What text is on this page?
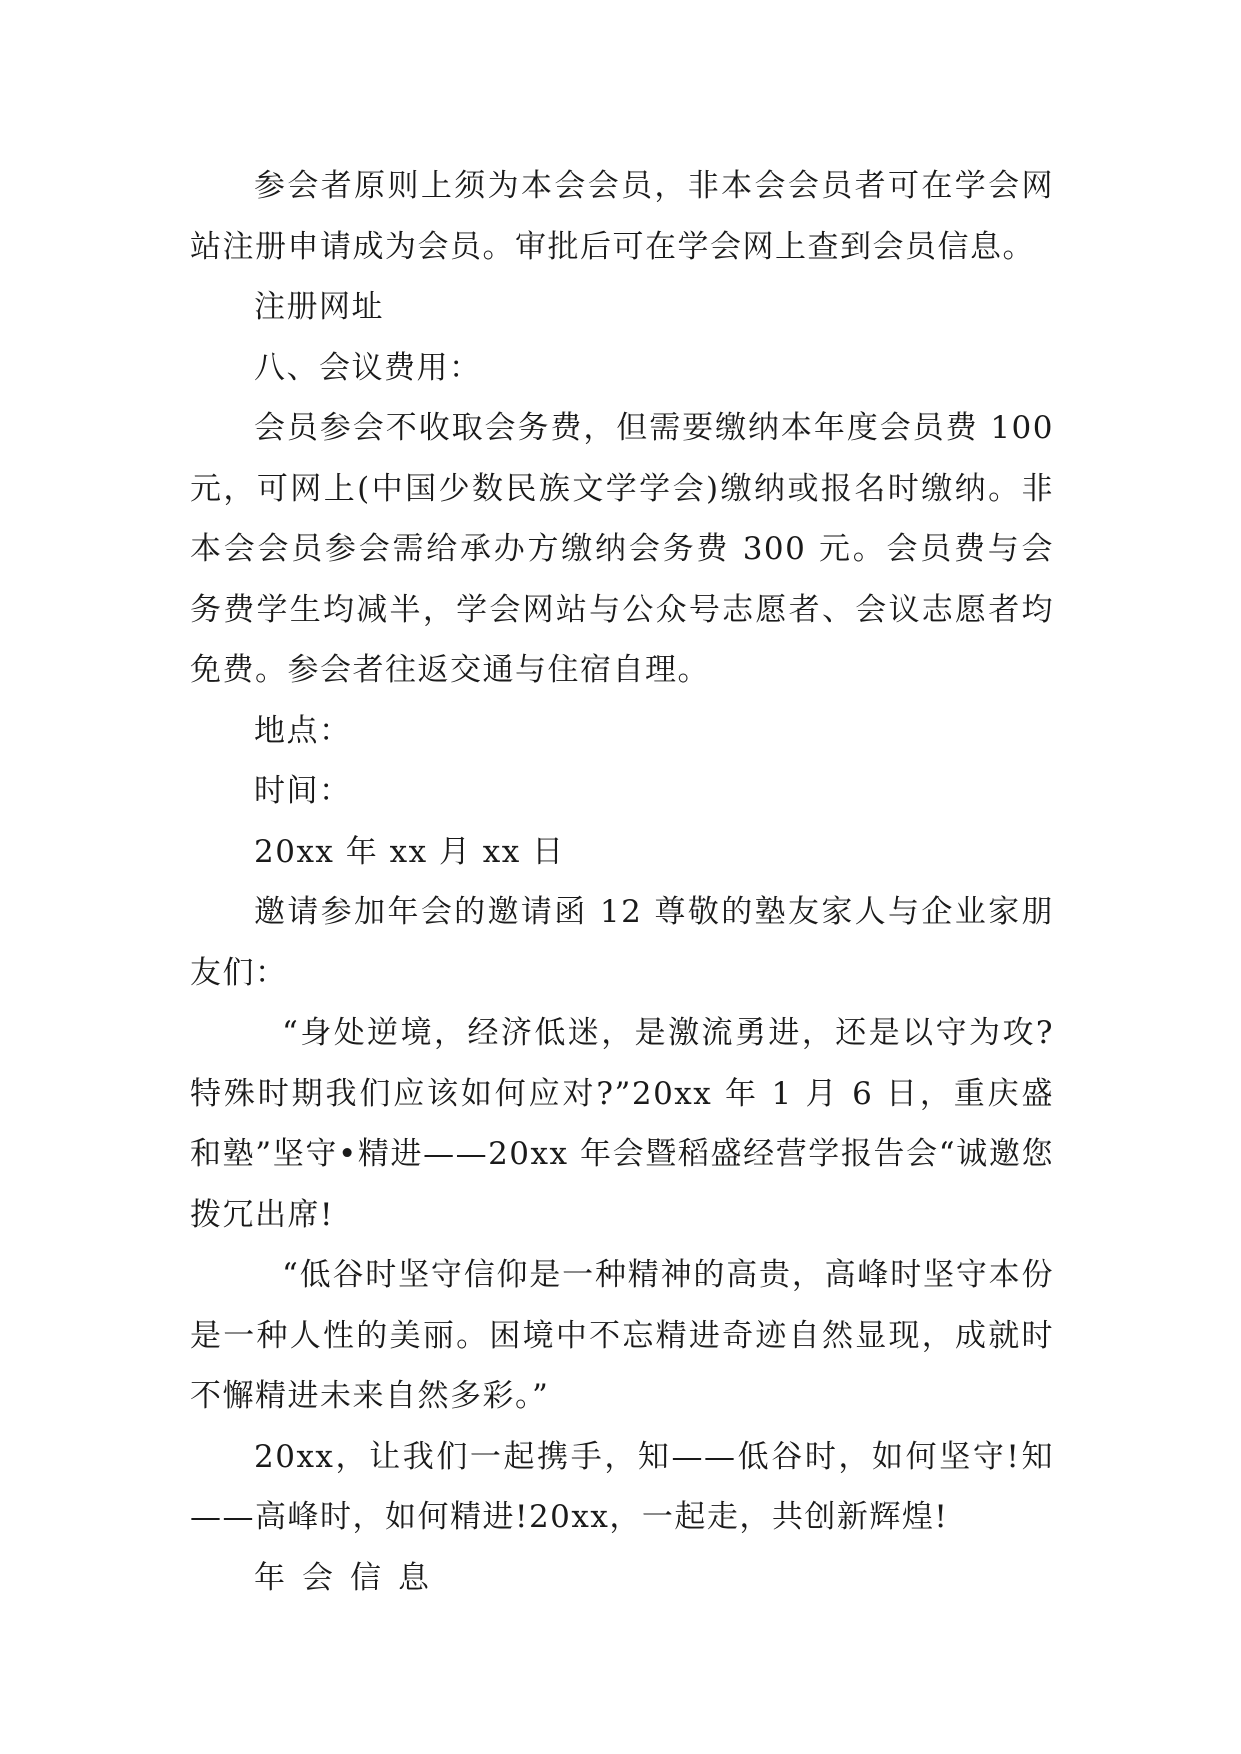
参会者原则上须为本会会员，非本会会员者可在学会网站注册申请成为会员。审批后可在学会网上查到会员信息。

注册网址

八、会议费用：

会员参会不收取会务费，但需要缴纳本年度会员费 100 元，可网上(中国少数民族文学学会)缴纳或报名时缴纳。非本会会员参会需给承办方缴纳会务费 300 元。会员费与会务费学生均减半，学会网站与公众号志愿者、会议志愿者均免费。参会者往返交通与住宿自理。

地点：

时间：

20xx 年 xx 月 xx 日

邀请参加年会的邀请函 12 尊敬的塾友家人与企业家朋友们：

“身处逆境，经济低迷，是激流勇进，还是以守为攻?特殊时期我们应该如何应对?”20xx 年 1 月 6 日，重庆盛和塾”坚守•精进——20xx 年会暨稻盛经营学报告会“诚邀您拨冗出席!

“低谷时坚守信仰是一种精神的高贵，高峰时坚守本份是一种人性的美丽。困境中不忘精进奇迹自然显现，成就时不懈精进未来自然多彩。”

20xx，让我们一起携手，知——低谷时，如何坚守!知——高峰时，如何精进!20xx，一起走，共创新辉煌!

年会信息
